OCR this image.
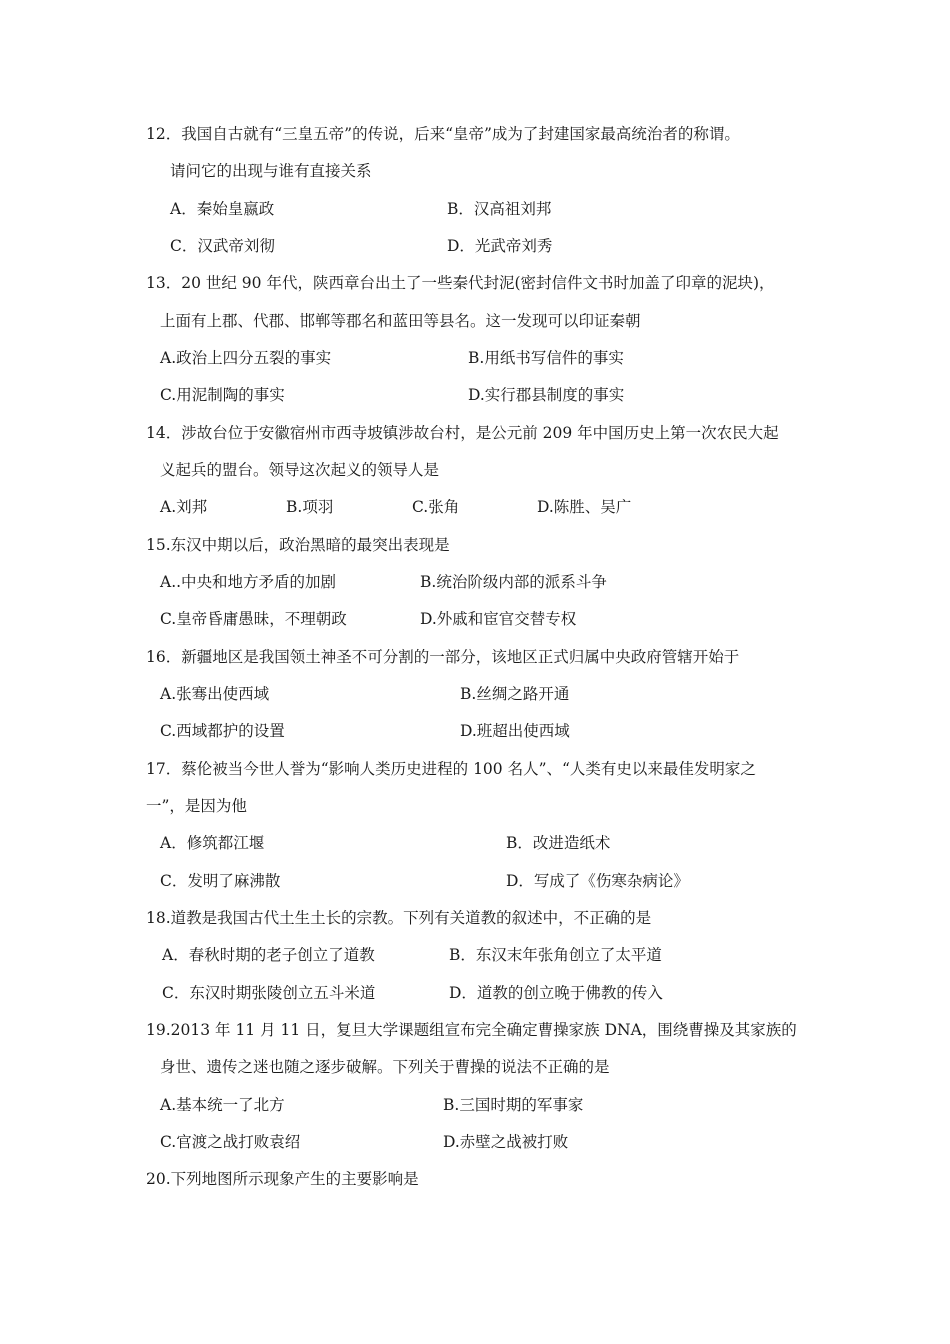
12．我国自古就有“三皇五帝”的传说，后来“皇帝”成为了封建国家最高统治者的称谓。
请问它的出现与谁有直接关系
A．秦始皇嬴政	B．汉高祖刘邦
C．汉武帝刘彻	D．光武帝刘秀
13．20 世纪 90 年代，陕西章台出土了一些秦代封泥(密封信件文书时加盖了印章的泥块)，
上面有上郡、代郡、邯郸等郡名和蓝田等县名。这一发现可以印证秦朝
A.政治上四分五裂的事实	B.用纸书写信件的事实
C.用泥制陶的事实	D.实行郡县制度的事实
14．涉故台位于安徽宿州市西寺坡镇涉故台村，是公元前 209 年中国历史上第一次农民大起
义起兵的盟台。领导这次起义的领导人是
A.刘邦	B.项羽	C.张角	D.陈胜、吴广
15.东汉中期以后，政治黑暗的最突出表现是
A..中央和地方矛盾的加剧	B.统治阶级内部的派系斗争
C.皇帝昏庸愚昧，不理朝政	D.外戚和宦官交替专权
16．新疆地区是我国领土神圣不可分割的一部分，该地区正式归属中央政府管辖开始于
A.张骞出使西域	B.丝绸之路开通
C.西域都护的设置	D.班超出使西域
17．蔡伦被当今世人誉为“影响人类历史进程的 100 名人”、“人类有史以来最佳发明家之
一”，是因为他
A．修筑都江堰	B．改进造纸术
C．发明了麻沸散	D．写成了《伤寒杂病论》
18.道教是我国古代土生土长的宗教。下列有关道教的叙述中，不正确的是
A．春秋时期的老子创立了道教	B．东汉末年张角创立了太平道
C．东汉时期张陵创立五斗米道	D．道教的创立晚于佛教的传入
19.2013 年 11 月 11 日，复旦大学课题组宣布完全确定曹操家族 DNA，围绕曹操及其家族的
身世、遗传之迷也随之逐步破解。下列关于曹操的说法不正确的是
A.基本统一了北方	B.三国时期的军事家
C.官渡之战打败袁绍	D.赤壁之战被打败
20.下列地图所示现象产生的主要影响是
